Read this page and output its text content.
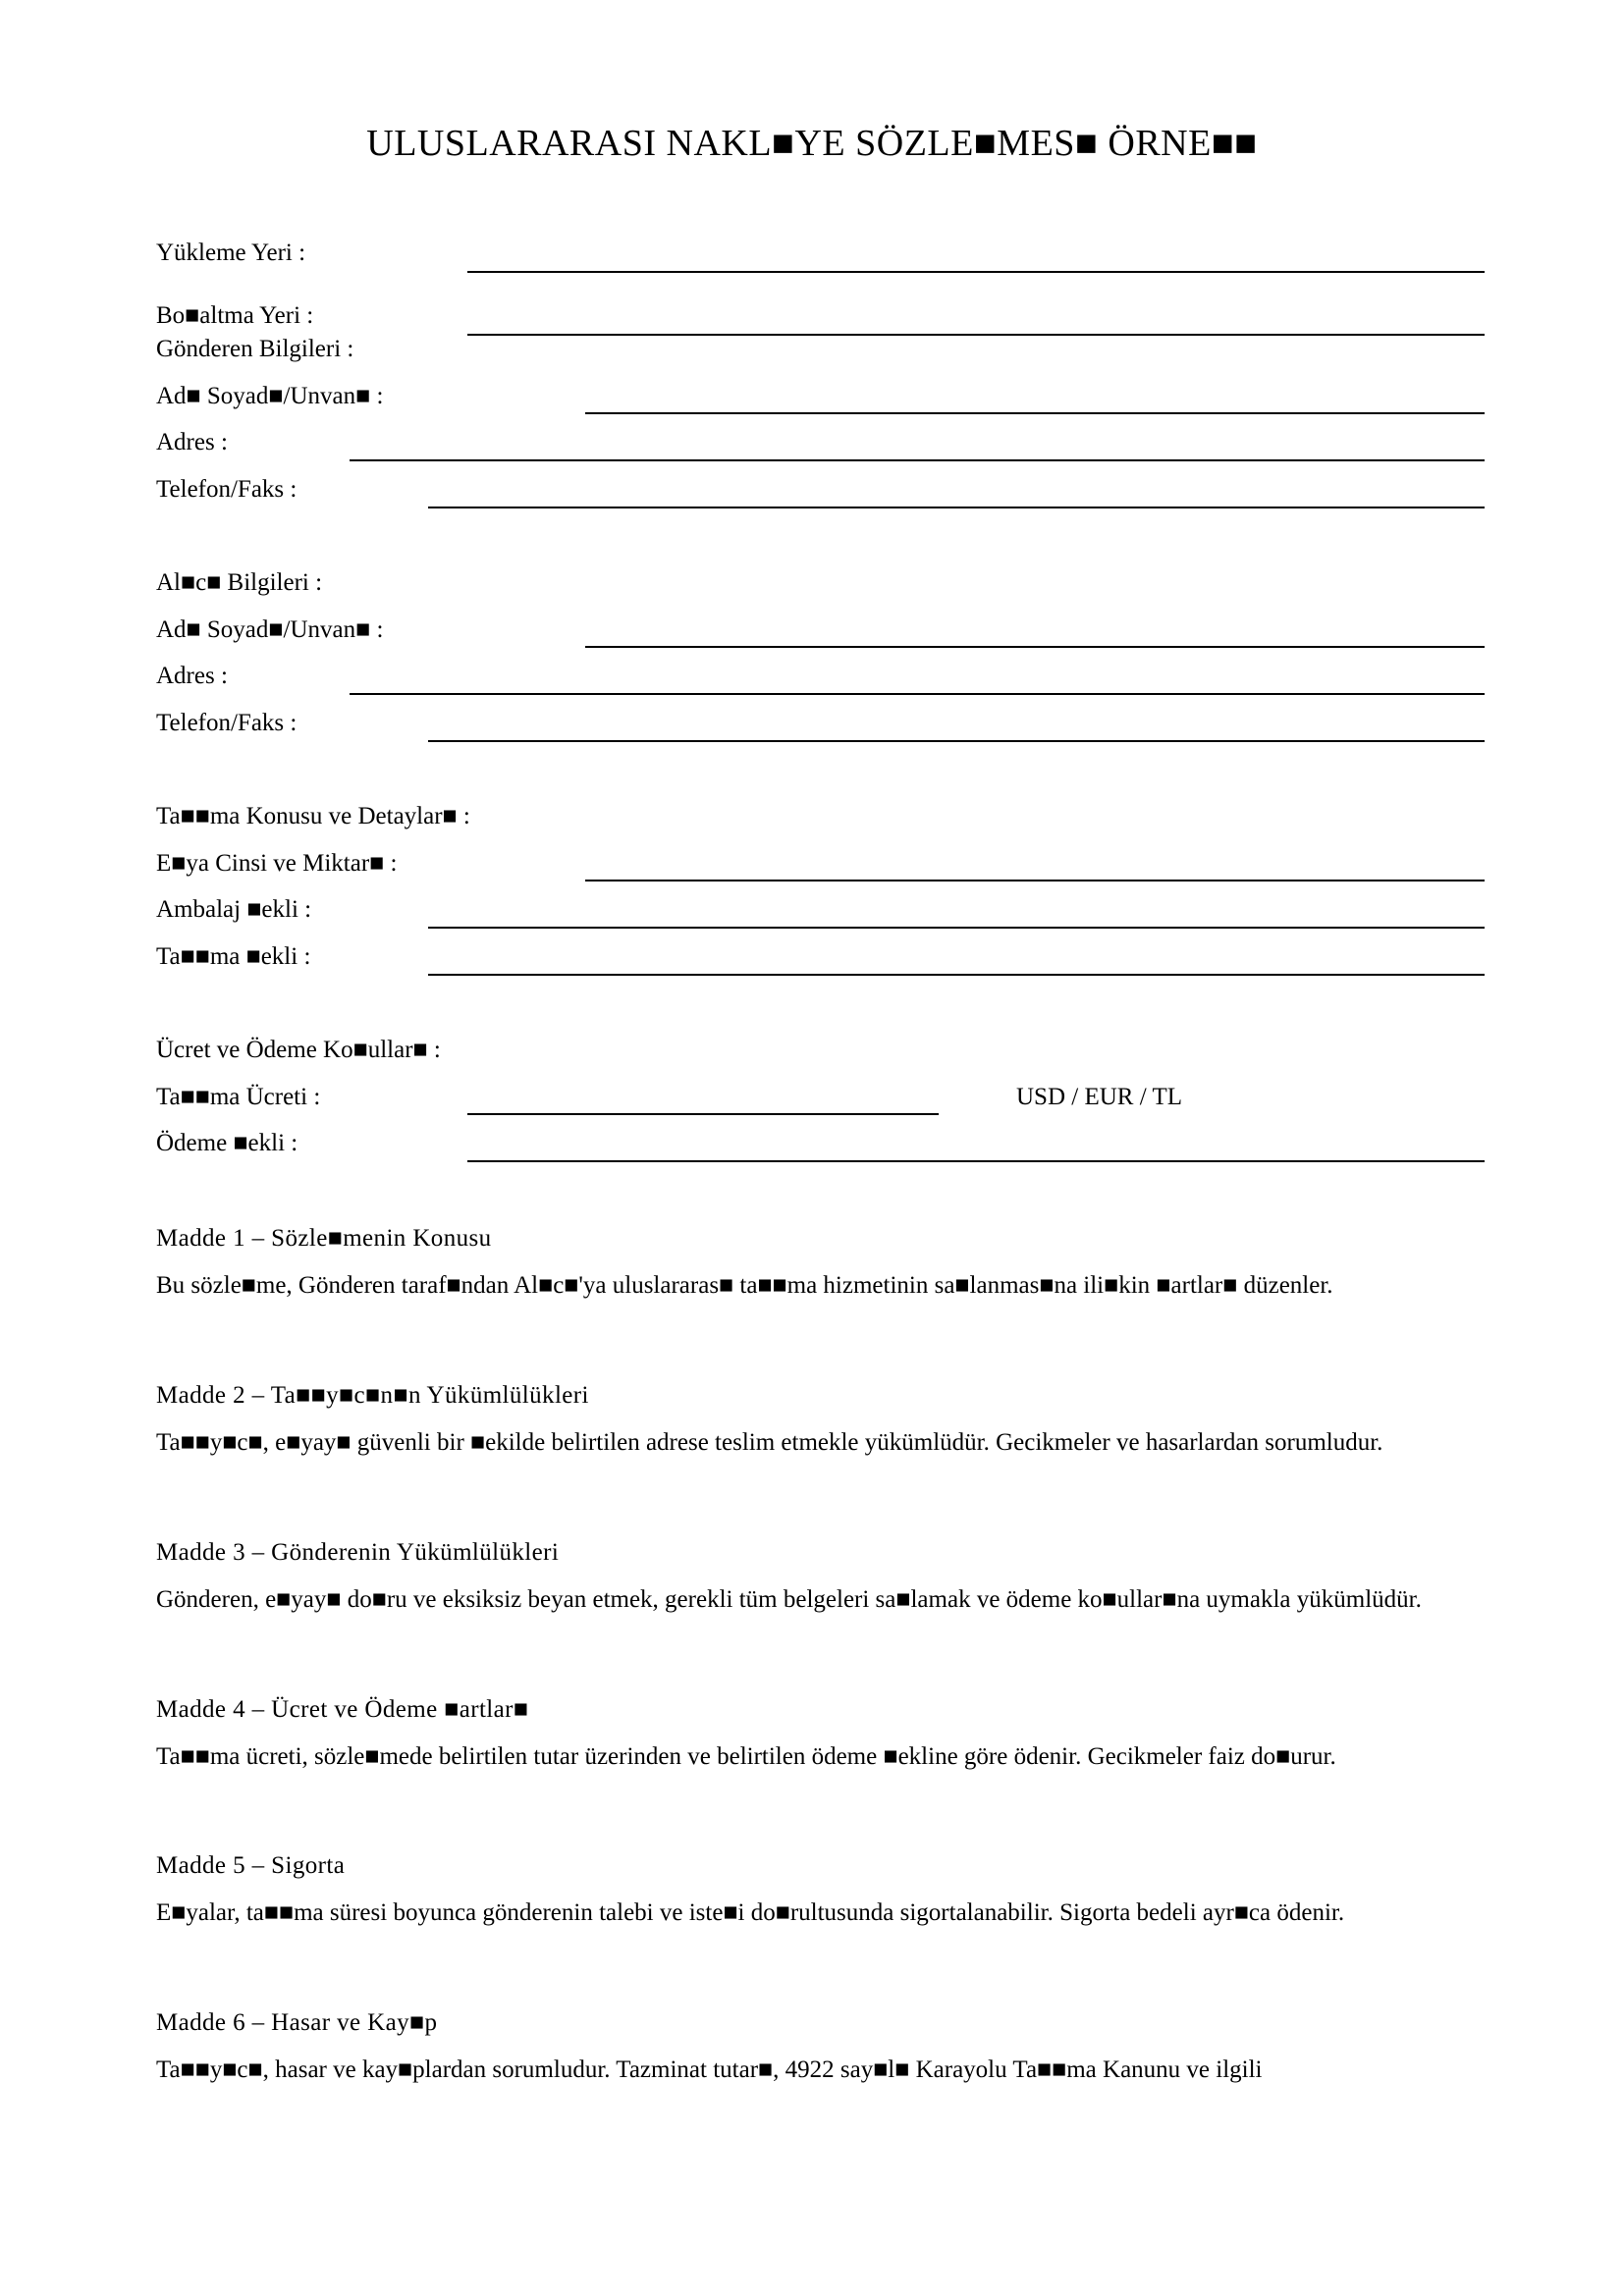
ULUSLARARASI NAKL■YE SÖZLE■MES■ ÖRNE■■
Yükleme Yeri :
Bo■altma Yeri :
Gönderen Bilgileri :
Ad■ Soyad■/Unvan■ :
Adres :
Telefon/Faks :
Al■c■ Bilgileri :
Ad■ Soyad■/Unvan■ :
Adres :
Telefon/Faks :
Ta■■ma Konusu ve Detaylar■ :
E■ya Cinsi ve Miktar■ :
Ambalaj ■ekli :
Ta■■ma ■ekli :
Ücret ve Ödeme Ko■ullar■ :
Ta■■ma Ücreti :	USD / EUR / TL
Ödeme ■ekli :
Madde 1 – Sözle■menin Konusu
Bu sözle■me, Gönderen taraf■ndan Al■c■'ya uluslararas■ ta■■ma hizmetinin sa■lanmas■na ili■kin ■artlar■ düzenler.
Madde 2 – Ta■■y■c■n■n Yükümlülükleri
Ta■■y■c■, e■yay■ güvenli bir ■ekilde belirtilen adrese teslim etmekle yükümlüdür. Gecikmeler ve hasarlardan sorumludur.
Madde 3 – Gönderenin Yükümlülükleri
Gönderen, e■yay■ do■ru ve eksiksiz beyan etmek, gerekli tüm belgeleri sa■lamak ve ödeme ko■ullar■na uymakla yükümlüdür.
Madde 4 – Ücret ve Ödeme ■artlar■
Ta■■ma ücreti, sözle■mede belirtilen tutar üzerinden ve belirtilen ödeme ■ekline göre ödenir. Gecikmeler faiz do■urur.
Madde 5 – Sigorta
E■yalar, ta■■ma süresi boyunca gönderenin talebi ve iste■i do■rultusunda sigortalanabilir. Sigorta bedeli ayr■ca ödenir.
Madde 6 – Hasar ve Kay■p
Ta■■y■c■, hasar ve kay■plardan sorumludur. Tazminat tutar■, 4922 say■l■ Karayolu Ta■■ma Kanunu ve ilgili
